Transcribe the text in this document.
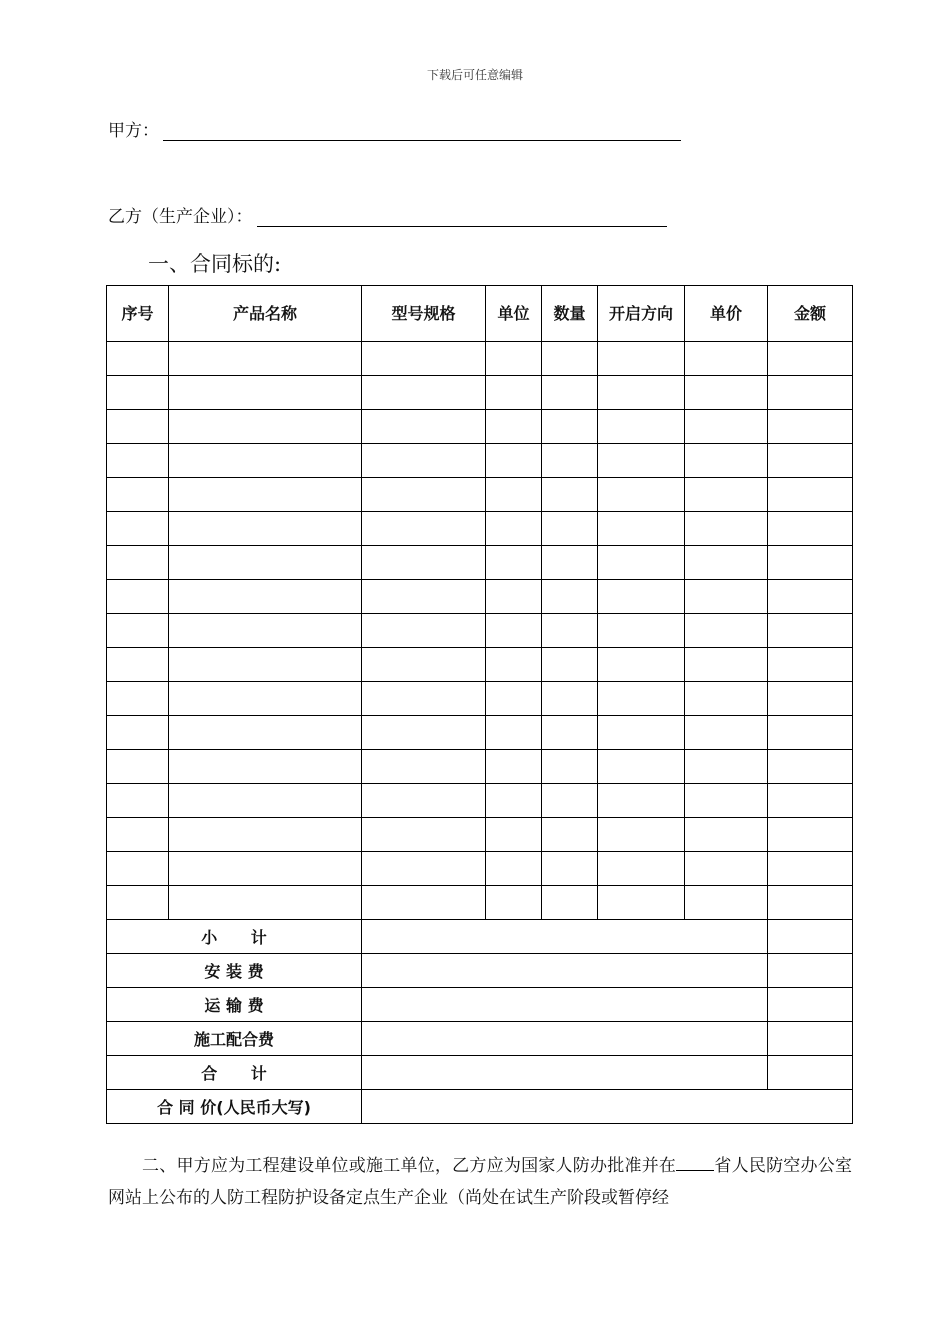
下载后可任意编辑
甲方：
乙方（生产企业）：
一、合同标的:
序号	产品名称	型号规格	单位	数量	开启方向	单价	金额

小      计							
安 装 费							
运 输 费							
施工配合费							
合      计							
合 同 价(人民币大写)							
二、甲方应为工程建设单位或施工单位，乙方应为国家人防办批准并在 省人民防空办公室网站上公布的人防工程防护设备定点生产企业（尚处在试生产阶段或暂停经
